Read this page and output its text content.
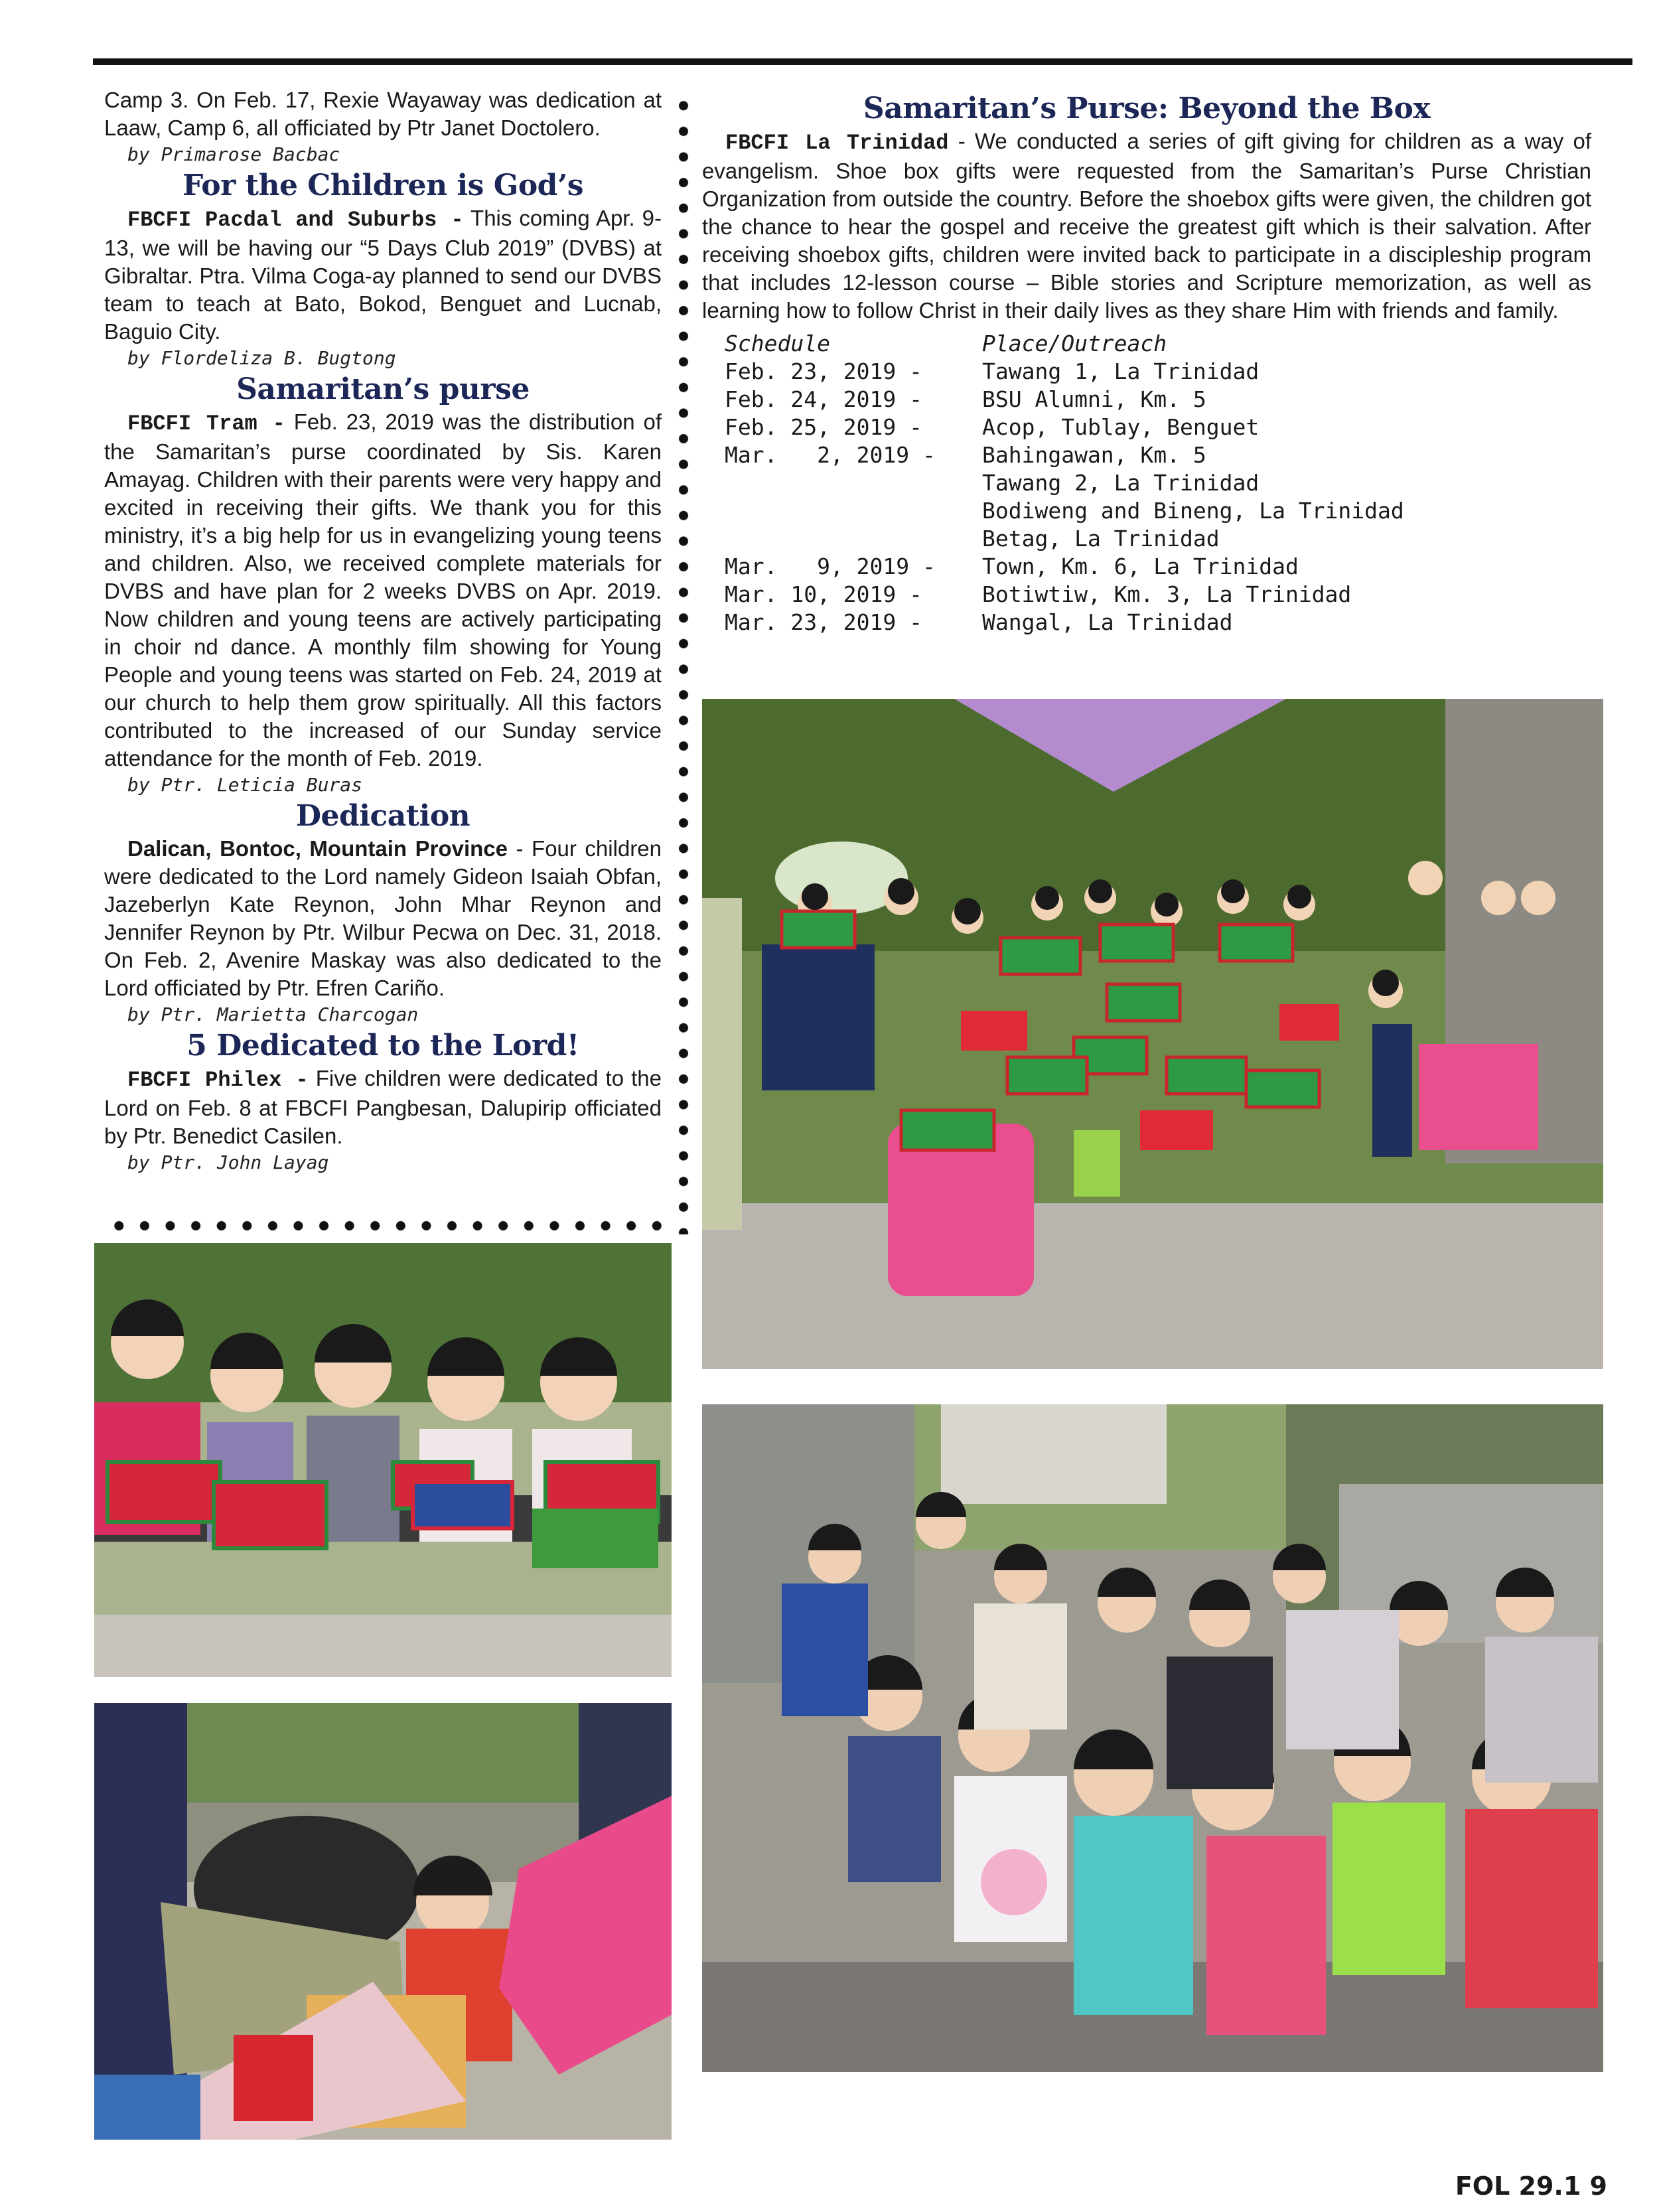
Camp 3. On Feb. 17, Rexie Wayaway was dedication at Laaw, Camp 6, all officiated by Ptr Janet Doctolero.

by Primarose Bacbac

For the Children is God’s

FBCFI Pacdal and Suburbs - This coming Apr. 9-13, we will be having our “5 Days Club 2019” (DVBS) at Gibraltar. Ptra. Vilma Coga-ay planned to send our DVBS team to teach at Bato, Bokod, Benguet and Lucnab, Baguio City.

by Flordeliza B. Bugtong

Samaritan’s purse

FBCFI Tram - Feb. 23, 2019 was the distribution of the Samaritan’s purse coordinated by Sis. Karen Amayag. Children with their parents were very happy and excited in receiving their gifts. We thank you for this ministry, it’s a big help for us in evangelizing young teens and children. Also, we received complete materials for DVBS and have plan for 2 weeks DVBS on Apr. 2019. Now children and young teens are actively participating in choir nd dance. A monthly film showing for Young People and young teens was started on Feb. 24, 2019 at our church to help them grow spiritually. All this factors contributed to the increased of our Sunday service attendance for the month of Feb. 2019.

by Ptr. Leticia Buras

Dedication

Dalican, Bontoc, Mountain Province - Four children were dedicated to the Lord namely Gideon Isaiah Obfan, Jazeberlyn Kate Reynon, John Mhar Reynon and Jennifer Reynon by Ptr. Wilbur Pecwa on Dec. 31, 2018. On Feb. 2, Avenire Maskay was also dedicated to the Lord officiated by Ptr. Efren Cariño.

by Ptr. Marietta Charcogan

5 Dedicated to the Lord!

FBCFI Philex - Five children were dedicated to the Lord on Feb. 8 at FBCFI Pangbesan, Dalupirip officiated by Ptr. Benedict Casilen.

by Ptr. John Layag

Samaritan’s Purse: Beyond the Box

FBCFI La Trinidad - We conducted a series of gift giving for children as a way of evangelism. Shoe box gifts were requested from the Samaritan’s Purse Christian Organization from outside the country. Before the shoebox gifts were given, the children got the chance to hear the gospel and receive the greatest gift which is their salvation. After receiving shoebox gifts, children were invited back to participate in a discipleship program that includes 12-lesson course – Bible stories and Scripture memorization, as well as learning how to follow Christ in their daily lives as they share Him with friends and family.

Schedule	Place/Outreach
Feb. 23, 2019 -	Tawang 1, La Trinidad
Feb. 24, 2019 -	BSU Alumni, Km. 5
Feb. 25, 2019 -	Acop, Tublay, Benguet
Mar.   2, 2019 -	Bahingawan, Km. 5
Tawang 2, La Trinidad
Bodiweng and Bineng, La Trinidad
Betag, La Trinidad
Mar.   9, 2019 -	Town, Km. 6, La Trinidad
Mar. 10, 2019 -	Botiwtiw, Km. 3, La Trinidad
Mar. 23, 2019 -	Wangal, La Trinidad
FOL 29.1 9
